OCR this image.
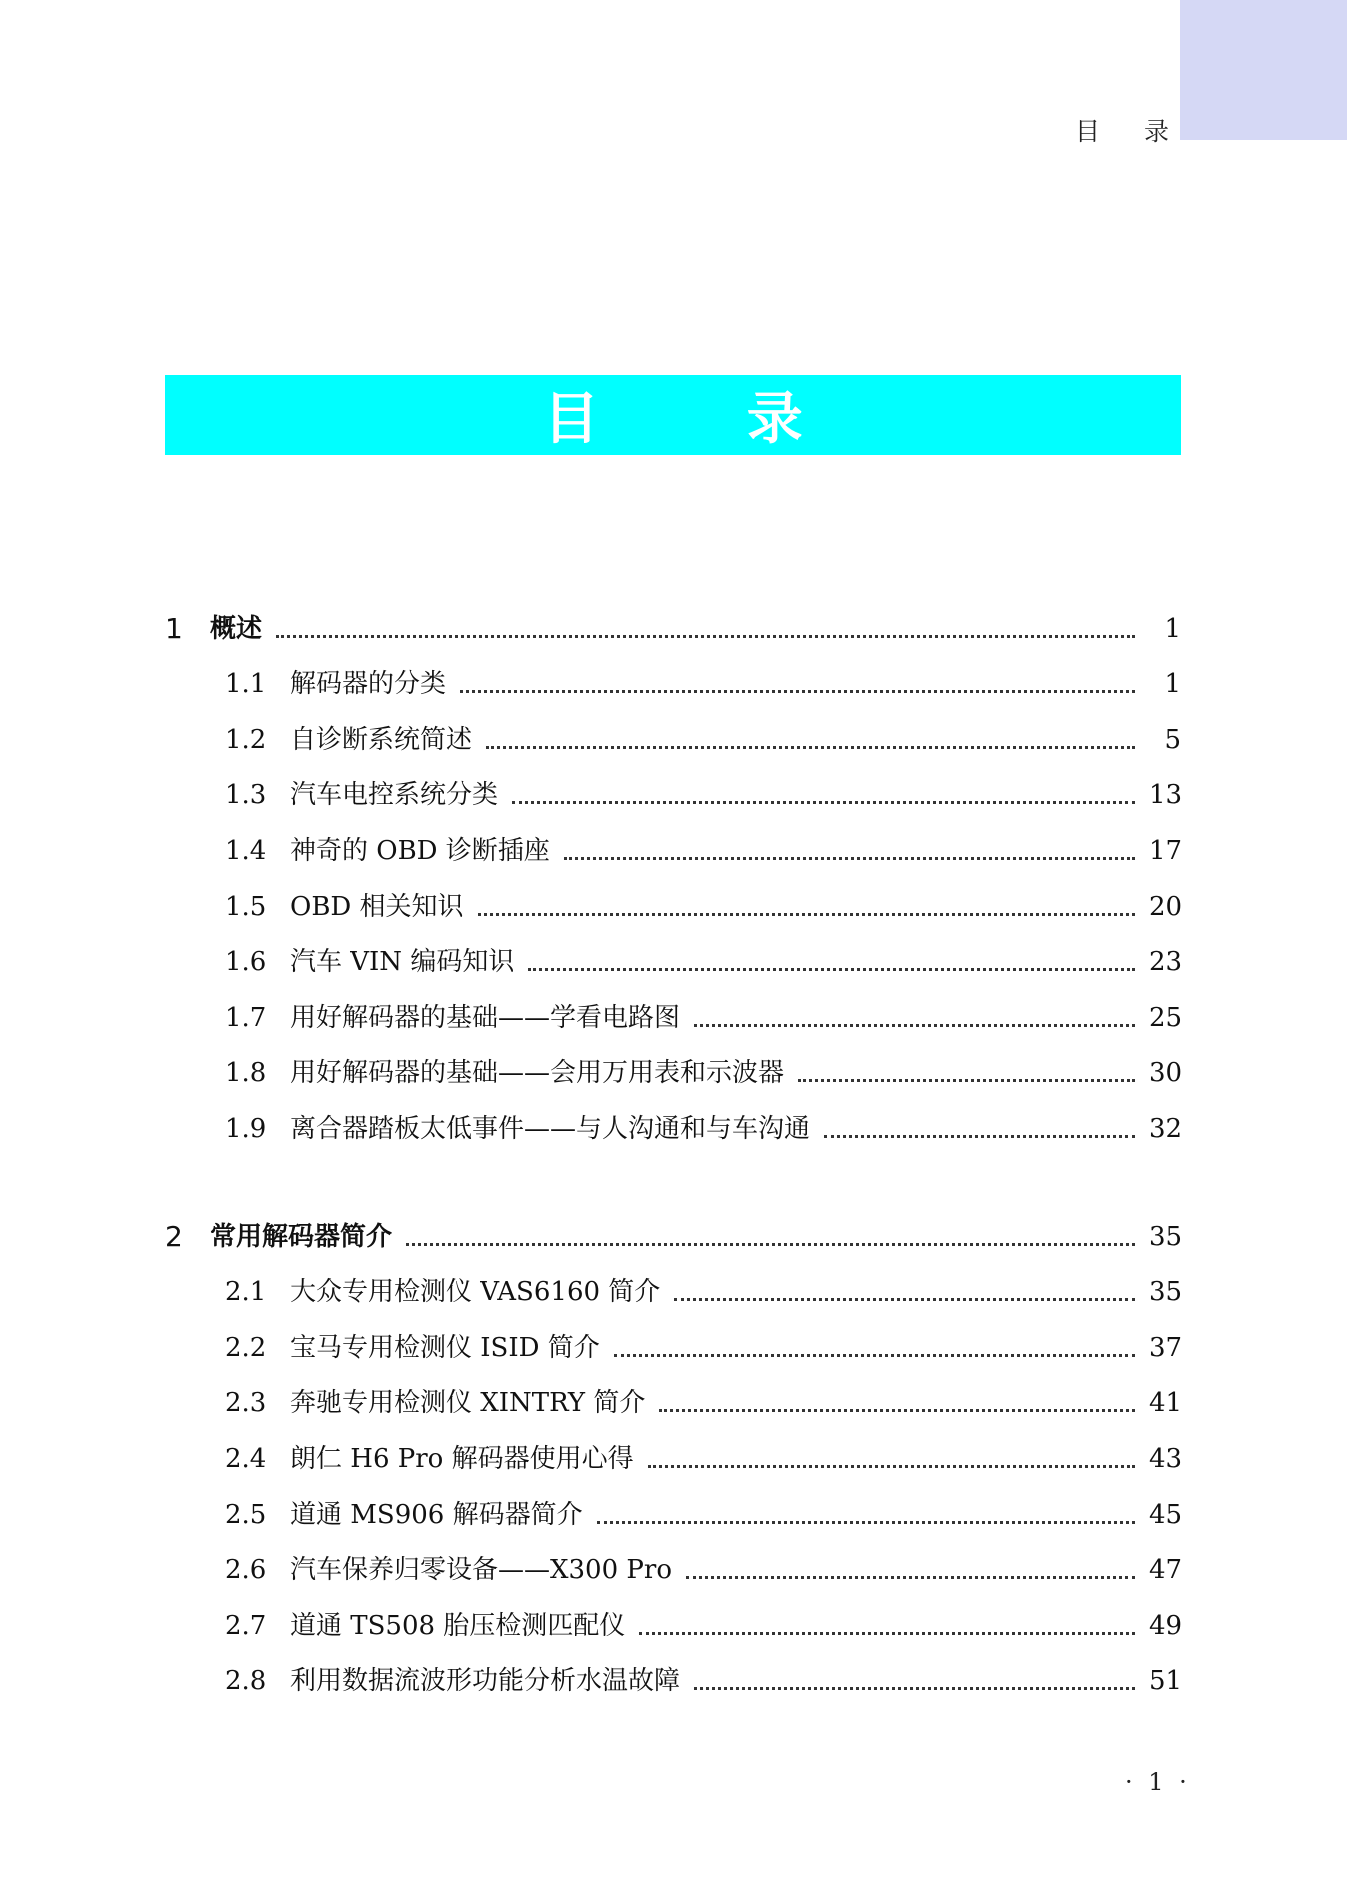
目 录
目 录
1	概述	1
1.1 解码器的分类	1
1.2 自诊断系统简述	5
1.3 汽车电控系统分类	13
1.4 神奇的 OBD 诊断插座	17
1.5 OBD 相关知识	20
1.6 汽车 VIN 编码知识	23
1.7 用好解码器的基础——学看电路图	25
1.8 用好解码器的基础——会用万用表和示波器	30
1.9 离合器踏板太低事件——与人沟通和与车沟通	32
2	常用解码器简介	35
2.1 大众专用检测仪 VAS6160 简介	35
2.2 宝马专用检测仪 ISID 简介	37
2.3 奔驰专用检测仪 XINTRY 简介	41
2.4 朗仁 H6 Pro 解码器使用心得	43
2.5 道通 MS906 解码器简介	45
2.6 汽车保养归零设备——X300 Pro	47
2.7 道通 TS508 胎压检测匹配仪	49
2.8 利用数据流波形功能分析水温故障	51
· 1 ·
